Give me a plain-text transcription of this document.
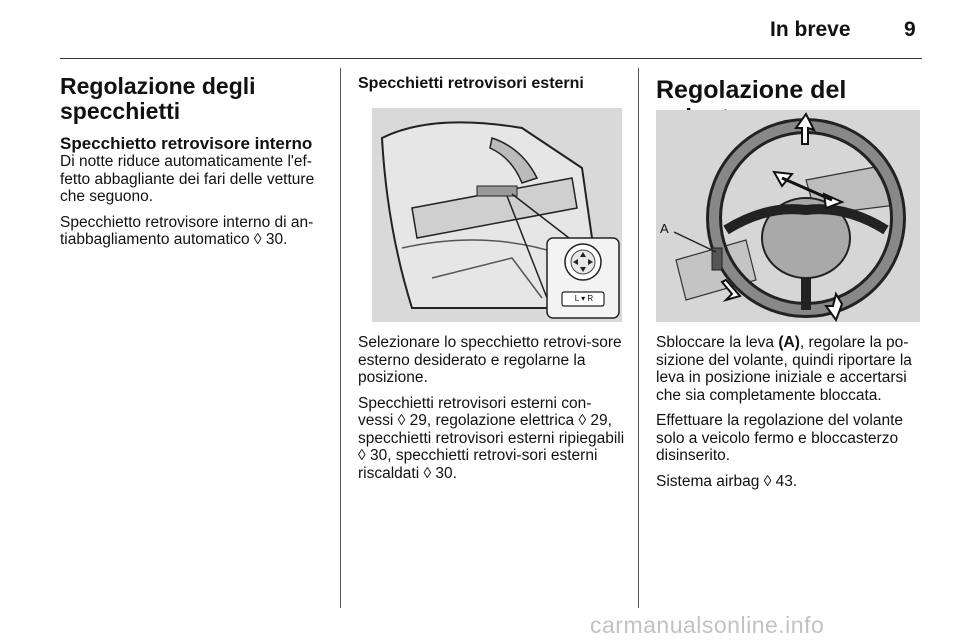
In breve	9
Regolazione degli specchietti
Specchietto retrovisore interno

Di notte riduce automaticamente l'ef-fetto abbagliante dei fari delle vetture che seguono.

Specchietto retrovisore interno di an-tiabbagliamento automatico ◊ 30.

Specchietti retrovisori esterni
L ▾ R

Selezionare lo specchietto retrovi-sore esterno desiderato e regolarne la posizione.

Specchietti retrovisori esterni con-vessi ◊ 29, regolazione elettrica ◊ 29, specchietti retrovisori esterni ripiegabili ◊ 30, specchietti retrovi-sori esterni riscaldati ◊ 30.

Regolazione del
A

Sbloccare la leva (A), regolare la po-sizione del volante, quindi riportare la leva in posizione iniziale e accertarsi che sia completamente bloccata.

Effettuare la regolazione del volante solo a veicolo fermo e bloccasterzo disinserito.

Sistema airbag ◊ 43.

carmanualsonline.info
